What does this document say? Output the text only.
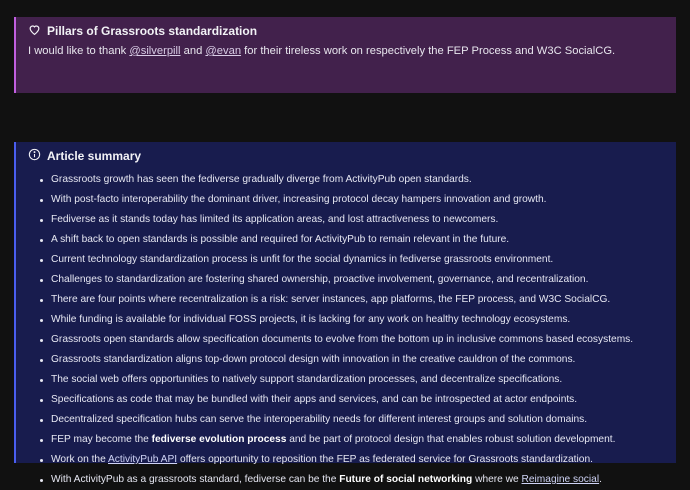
Pillars of Grassroots standardization
I would like to thank @silverpill and @evan for their tireless work on respectively the FEP Process and W3C SocialCG.
Article summary
Grassroots growth has seen the fediverse gradually diverge from ActivityPub open standards.
With post-facto interoperability the dominant driver, increasing protocol decay hampers innovation and growth.
Fediverse as it stands today has limited its application areas, and lost attractiveness to newcomers.
A shift back to open standards is possible and required for ActivityPub to remain relevant in the future.
Current technology standardization process is unfit for the social dynamics in fediverse grassroots environment.
Challenges to standardization are fostering shared ownership, proactive involvement, governance, and recentralization.
There are four points where recentralization is a risk: server instances, app platforms, the FEP process, and W3C SocialCG.
While funding is available for individual FOSS projects, it is lacking for any work on healthy technology ecosystems.
Grassroots open standards allow specification documents to evolve from the bottom up in inclusive commons based ecosystems.
Grassroots standardization aligns top-down protocol design with innovation in the creative cauldron of the commons.
The social web offers opportunities to natively support standardization processes, and decentralize specifications.
Specifications as code that may be bundled with their apps and services, and can be introspected at actor endpoints.
Decentralized specification hubs can serve the interoperability needs for different interest groups and solution domains.
FEP may become the fediverse evolution process and be part of protocol design that enables robust solution development.
Work on the ActivityPub API offers opportunity to reposition the FEP as federated service for Grassroots standardization.
With ActivityPub as a grassroots standard, fediverse can be the Future of social networking where we Reimagine social.
